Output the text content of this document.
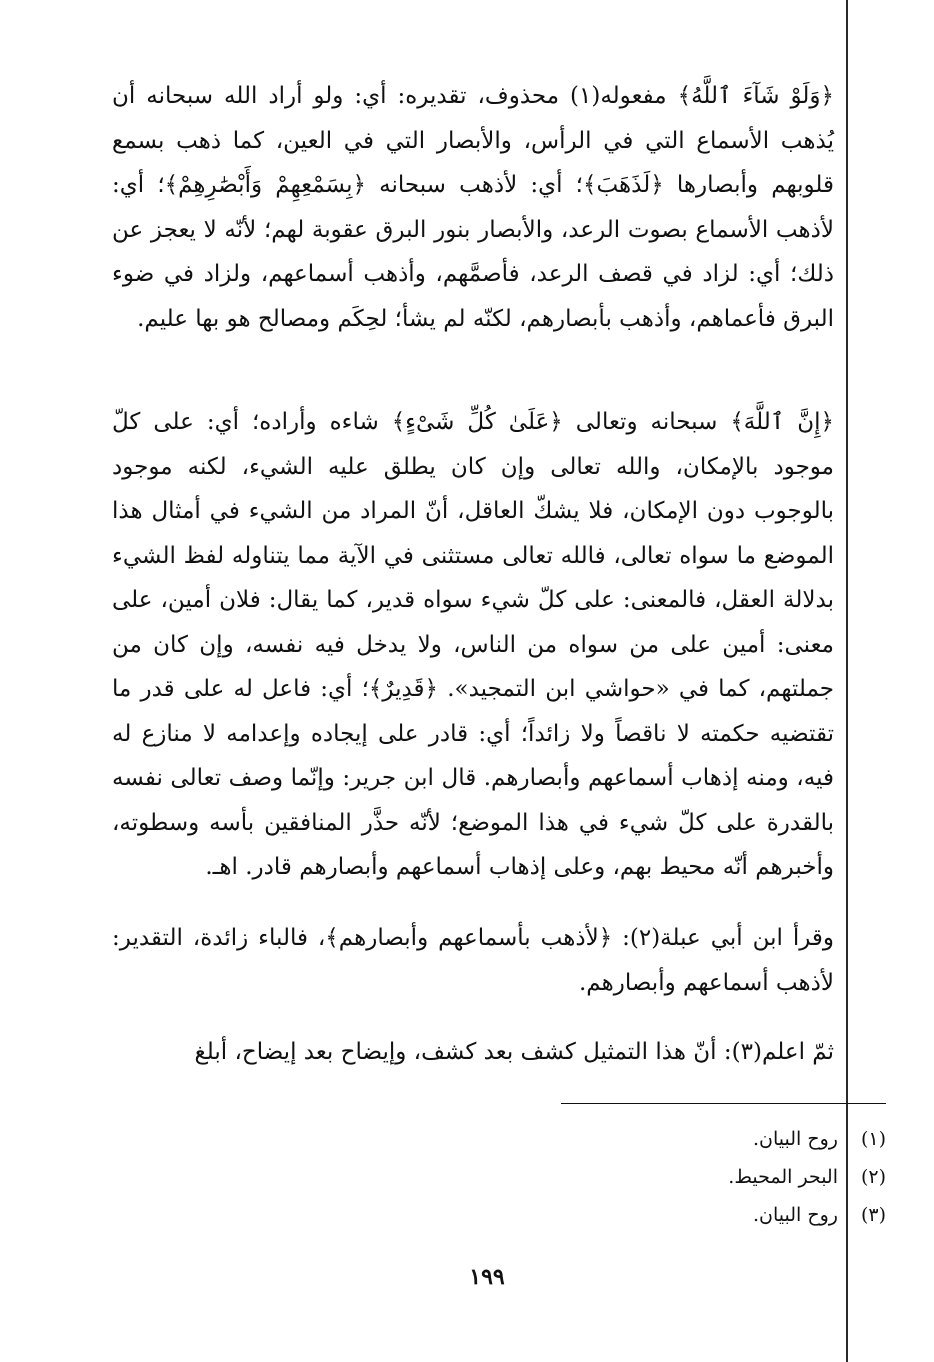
﴿وَلَوْ شَآءَ ٱللَّهُ﴾ مفعوله(١) محذوف، تقديره: أي: ولو أراد الله سبحانه أن يُذهب الأسماع التي في الرأس، والأبصار التي في العين، كما ذهب بسمع قلوبهم وأبصارها ﴿لَذَهَبَ﴾؛ أي: لأذهب سبحانه ﴿بِسَمْعِهِمْ وَأَبْصَٰرِهِمْ﴾؛ أي: لأذهب الأسماع بصوت الرعد، والأبصار بنور البرق عقوبة لهم؛ لأنّه لا يعجز عن ذلك؛ أي: لزاد في قصف الرعد، فأصمَّهم، وأذهب أسماعهم، ولزاد في ضوء البرق فأعماهم، وأذهب بأبصارهم، لكنّه لم يشأ؛ لحِكَم ومصالح هو بها عليم.

﴿إِنَّ ٱللَّهَ﴾ سبحانه وتعالى ﴿عَلَىٰ كُلِّ شَىْءٍ﴾ شاءه وأراده؛ أي: على كلّ موجود بالإمكان، والله تعالى وإن كان يطلق عليه الشيء، لكنه موجود بالوجوب دون الإمكان، فلا يشكّ العاقل، أنّ المراد من الشيء في أمثال هذا الموضع ما سواه تعالى، فالله تعالى مستثنى في الآية مما يتناوله لفظ الشيء بدلالة العقل، فالمعنى: على كلّ شيء سواه قدير، كما يقال: فلان أمين، على معنى: أمين على من سواه من الناس، ولا يدخل فيه نفسه، وإن كان من جملتهم، كما في «حواشي ابن التمجيد». ﴿قَدِيرٌ﴾؛ أي: فاعل له على قدر ما تقتضيه حكمته لا ناقصاً ولا زائداً؛ أي: قادر على إيجاده وإعدامه لا منازع له فيه، ومنه إذهاب أسماعهم وأبصارهم. قال ابن جرير: وإنّما وصف تعالى نفسه بالقدرة على كلّ شيء في هذا الموضع؛ لأنّه حذَّر المنافقين بأسه وسطوته، وأخبرهم أنّه محيط بهم، وعلى إذهاب أسماعهم وأبصارهم قادر. اهـ.

وقرأ ابن أبي عبلة(٢): ﴿لأذهب بأسماعهم وأبصارهم﴾، فالباء زائدة، التقدير: لأذهب أسماعهم وأبصارهم.

ثمّ اعلم(٣): أنّ هذا التمثيل كشف بعد كشف، وإيضاح بعد إيضاح، أبلغ

(١)
روح البيان.
(٢)
البحر المحيط.
(٣)
روح البيان.
١٩٩
